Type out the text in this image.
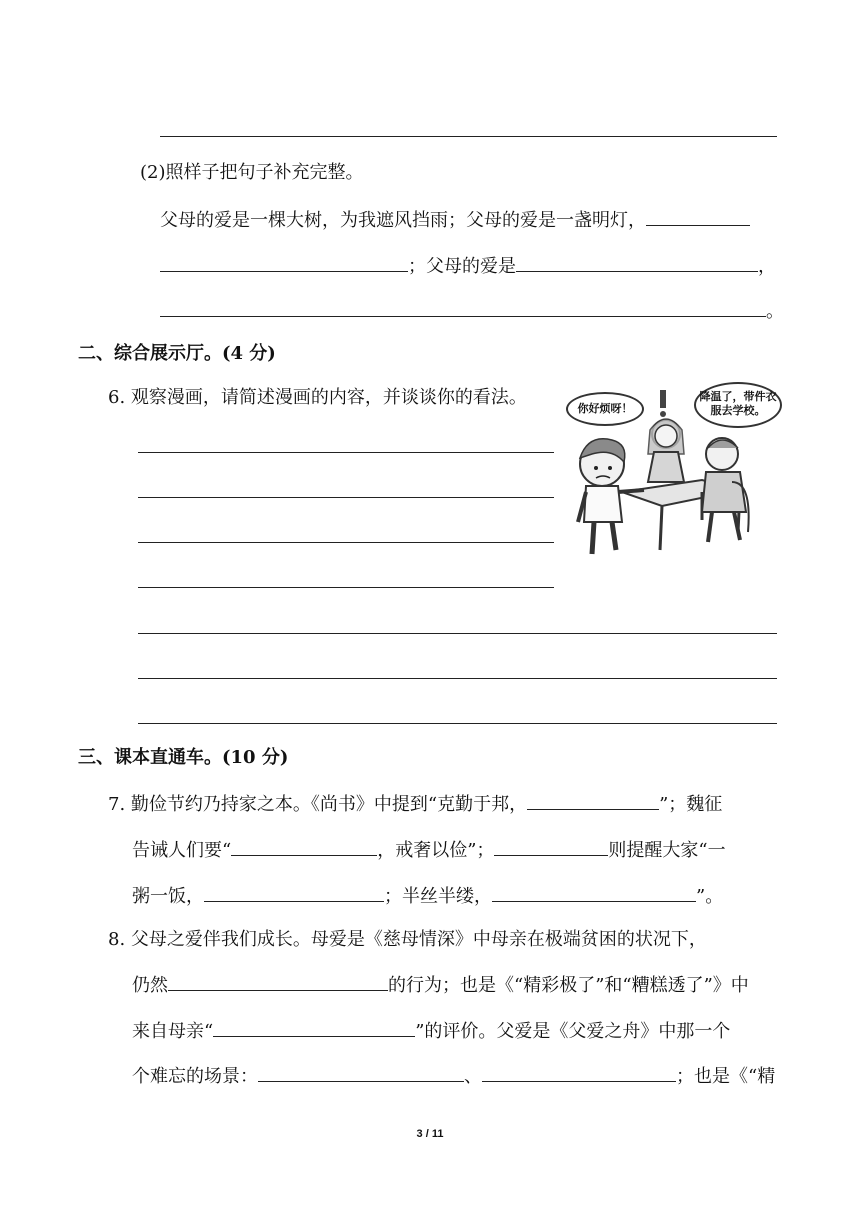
(2)照样子把句子补充完整。
父母的爱是一棵大树，为我遮风挡雨；父母的爱是一盏明灯，
；父母的爱是	，
。
二、综合展示厅。(4 分)
6. 观察漫画，请简述漫画的内容，并谈谈你的看法。
你好烦呀！
降温了，带件衣服去学校。
三、课本直通车。(10 分)
7. 勤俭节约乃持家之本。《尚书》中提到“克勤于邦，	”；魏征
告诫人们要“	，戒奢以俭”；	则提醒大家“一
粥一饭，	；半丝半缕，	”。
8. 父母之爱伴我们成长。母爱是《慈母情深》中母亲在极端贫困的状况下，
仍然	的行为；也是《“精彩极了”和“糟糕透了”》中
来自母亲“	”的评价。父爱是《父爱之舟》中那一个
个难忘的场景：	、	；也是《“精
3 / 11
